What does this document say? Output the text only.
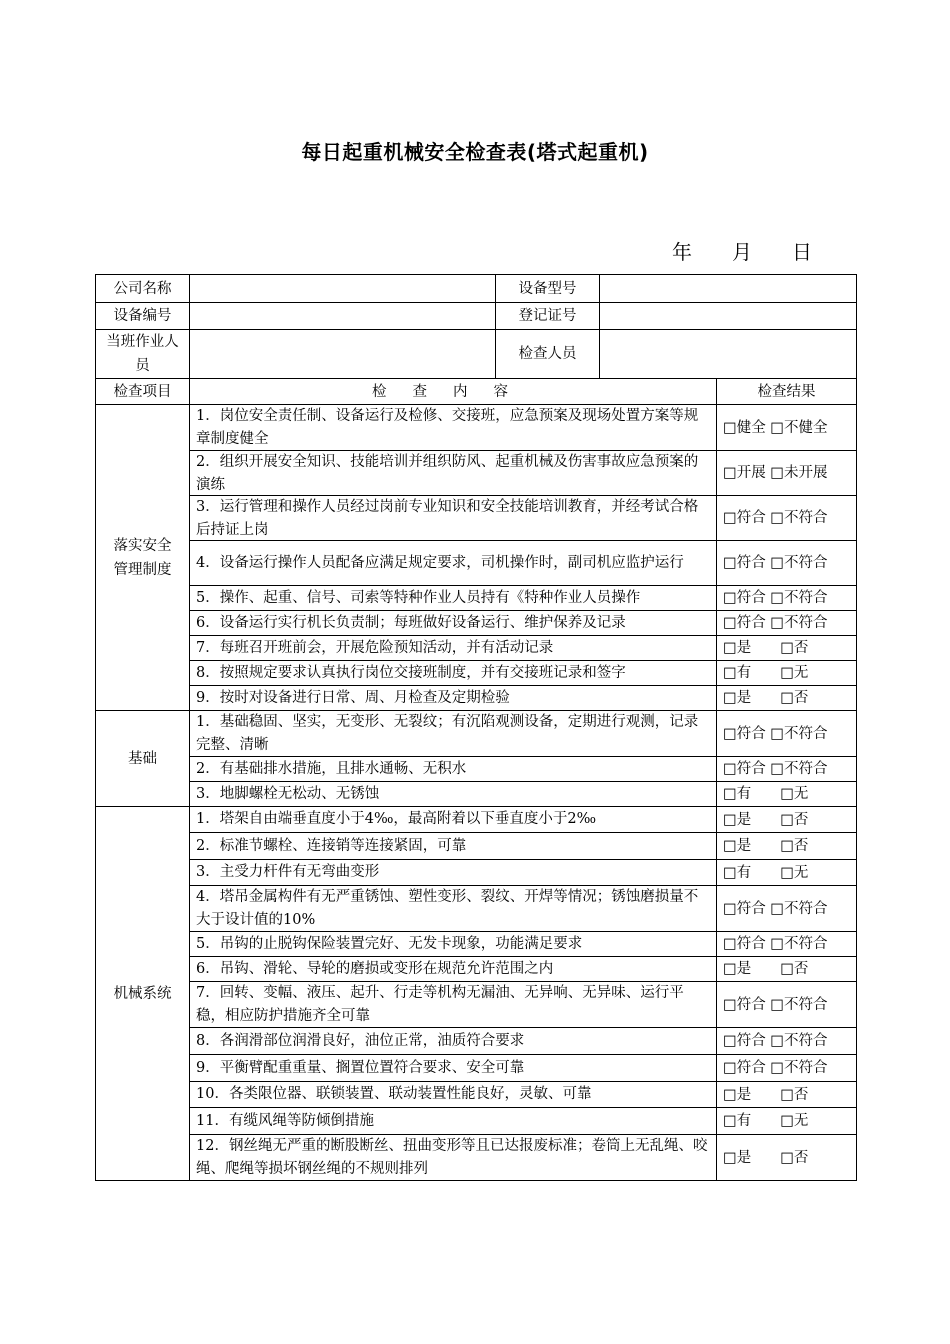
每日起重机械安全检查表(塔式起重机)
年 月 日
公司名称		设备型号		
设备编号		登记证号		
当班作业人员		检查人员		
检查项目	检查内容			检查结果
落实安全管理制度	1．岗位安全责任制、设备运行及检修、交接班，应急预案及现场处置方案等规章制度健全			□健全 □不健全

	2．组织开展安全知识、技能培训并组织防风、起重机械及伤害事故应急预案的演练			□开展 □未开展

	3．运行管理和操作人员经过岗前专业知识和安全技能培训教育，并经考试合格后持证上岗			□符合 □不符合

	4．设备运行操作人员配备应满足规定要求，司机操作时，副司机应监护运行			□符合 □不符合

	5．操作、起重、信号、司索等特种作业人员持有《特种作业人员操作			□符合 □不符合

	6．设备运行实行机长负责制；每班做好设备运行、维护保养及记录			□符合 □不符合

	7．每班召开班前会，开展危险预知活动，并有活动记录			□是　　□否

	8．按照规定要求认真执行岗位交接班制度，并有交接班记录和签字			□有　　□无

	9．按时对设备进行日常、周、月检查及定期检验			□是　　□否
基础	1．基础稳固、坚实，无变形、无裂纹；有沉陷观测设备，定期进行观测，记录完整、清晰			□符合 □不符合

	2．有基础排水措施，且排水通畅、无积水			□符合 □不符合

	3．地脚螺栓无松动、无锈蚀			□有　　□无
机械系统	1．塔架自由端垂直度小于4‰，最高附着以下垂直度小于2‰			□是　　□否

	2．标准节螺栓、连接销等连接紧固，可靠			□是　　□否

	3．主受力杆件有无弯曲变形			□有　　□无

	4．塔吊金属构件有无严重锈蚀、塑性变形、裂纹、开焊等情况；锈蚀磨损量不大于设计值的10%			□符合 □不符合

	5．吊钩的止脱钩保险装置完好、无发卡现象，功能满足要求			□符合 □不符合

	6．吊钩、滑轮、导轮的磨损或变形在规范允许范围之内			□是　　□否

	7．回转、变幅、液压、起升、行走等机构无漏油、无异响、无异味、运行平稳，相应防护措施齐全可靠			□符合 □不符合

	8．各润滑部位润滑良好，油位正常，油质符合要求			□符合 □不符合

	9．平衡臂配重重量、搁置位置符合要求、安全可靠			□符合 □不符合

	10．各类限位器、联锁装置、联动装置性能良好，灵敏、可靠			□是　　□否

	11．有缆风绳等防倾倒措施			□有　　□无

	12．钢丝绳无严重的断股断丝、扭曲变形等且已达报废标准；卷筒上无乱绳、咬绳、爬绳等损坏钢丝绳的不规则排列			□是　　□否
